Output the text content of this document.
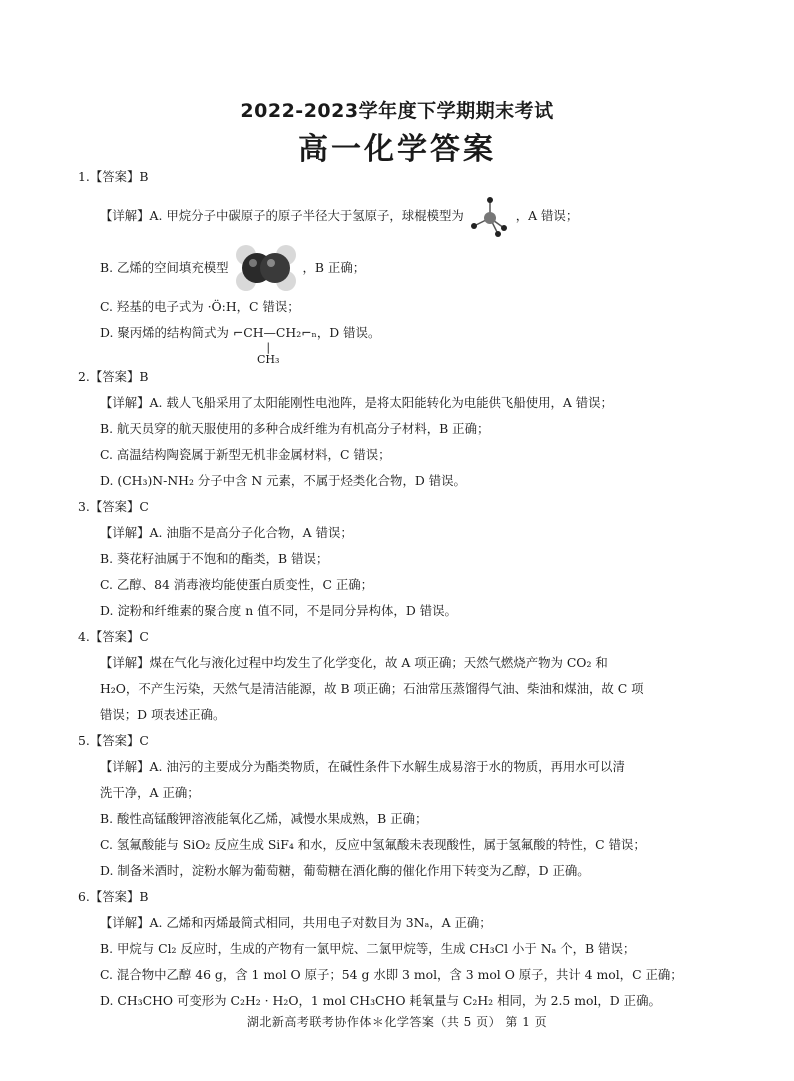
2022-2023学年度下学期期末考试
高一化学答案
1.【答案】B
【详解】A. 甲烷分子中碳原子的原子半径大于氢原子，球棍模型为	，A 错误；
B. 乙烯的空间填充模型	，B 正确；
C. 羟基的电子式为 ·Ö:H，C 错误；
D. 聚丙烯的结构简式为 ⌐CH—CH₂⌐ₙ，D 错误。
|
CH₃
2.【答案】B
【详解】A. 载人飞船采用了太阳能刚性电池阵，是将太阳能转化为电能供飞船使用，A 错误；
B. 航天员穿的航天服使用的多种合成纤维为有机高分子材料，B 正确；
C. 高温结构陶瓷属于新型无机非金属材料，C 错误；
D. (CH₃)N-NH₂ 分子中含 N 元素，不属于烃类化合物，D 错误。
3.【答案】C
【详解】A. 油脂不是高分子化合物，A 错误；
B. 葵花籽油属于不饱和的酯类，B 错误；
C. 乙醇、84 消毒液均能使蛋白质变性，C 正确；
D. 淀粉和纤维素的聚合度 n 值不同，不是同分异构体，D 错误。
4.【答案】C
【详解】煤在气化与液化过程中均发生了化学变化，故 A 项正确；天然气燃烧产物为 CO₂ 和
H₂O，不产生污染，天然气是清洁能源，故 B 项正确；石油常压蒸馏得气油、柴油和煤油，故 C 项
错误；D 项表述正确。
5.【答案】C
【详解】A. 油污的主要成分为酯类物质，在碱性条件下水解生成易溶于水的物质，再用水可以清
洗干净，A 正确；
B. 酸性高锰酸钾溶液能氧化乙烯，减慢水果成熟，B 正确；
C. 氢氟酸能与 SiO₂ 反应生成 SiF₄ 和水，反应中氢氟酸未表现酸性，属于氢氟酸的特性，C 错误；
D. 制备米酒时，淀粉水解为葡萄糖，葡萄糖在酒化酶的催化作用下转变为乙醇，D 正确。
6.【答案】B
【详解】A. 乙烯和丙烯最简式相同，共用电子对数目为 3Nₐ，A 正确；
B. 甲烷与 Cl₂ 反应时，生成的产物有一氯甲烷、二氯甲烷等，生成 CH₃Cl 小于 Nₐ 个，B 错误；
C. 混合物中乙醇 46 g，含 1 mol O 原子；54 g 水即 3 mol，含 3 mol O 原子，共计 4 mol，C 正确；
D. CH₃CHO 可变形为 C₂H₂ · H₂O，1 mol CH₃CHO 耗氧量与 C₂H₂ 相同，为 2.5 mol，D 正确。
湖北新高考联考协作体＊化学答案（共 5 页） 第 1 页
